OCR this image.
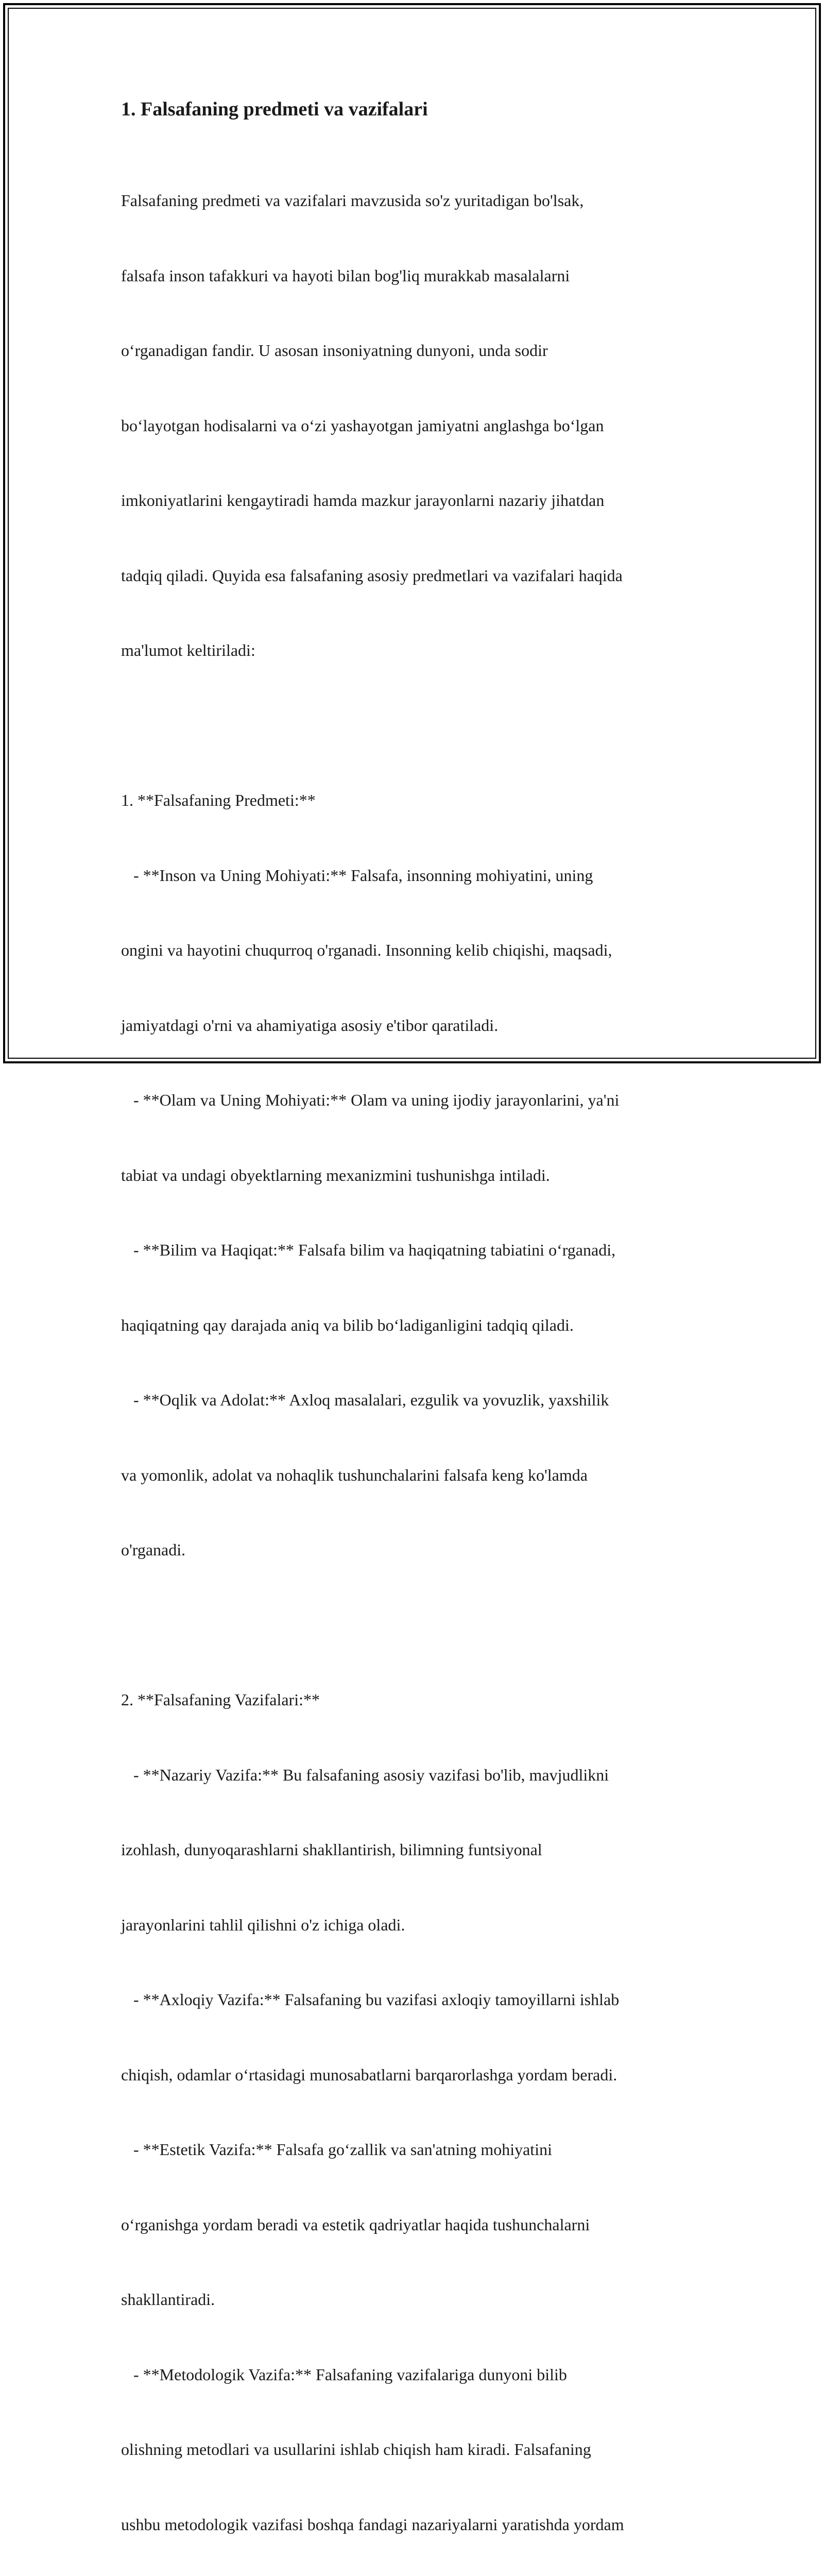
1. Falsafaning predmeti va vazifalari

Falsafaning predmeti va vazifalari mavzusida so'z yuritadigan bo'lsak,

falsafa inson tafakkuri va hayoti bilan bog'liq murakkab masalalarni

o‘rganadigan fandir. U asosan insoniyatning dunyoni, unda sodir

bo‘layotgan hodisalarni va o‘zi yashayotgan jamiyatni anglashga bo‘lgan

imkoniyatlarini kengaytiradi hamda mazkur jarayonlarni nazariy jihatdan

tadqiq qiladi. Quyida esa falsafaning asosiy predmetlari va vazifalari haqida

ma'lumot keltiriladi:

1. **Falsafaning Predmeti:**

- **Inson va Uning Mohiyati:** Falsafa, insonning mohiyatini, uning

ongini va hayotini chuqurroq o'rganadi. Insonning kelib chiqishi, maqsadi,

jamiyatdagi o'rni va ahamiyatiga asosiy e'tibor qaratiladi.

- **Olam va Uning Mohiyati:** Olam va uning ijodiy jarayonlarini, ya'ni

tabiat va undagi obyektlarning mexanizmini tushunishga intiladi.

- **Bilim va Haqiqat:** Falsafa bilim va haqiqatning tabiatini o‘rganadi,

haqiqatning qay darajada aniq va bilib bo‘ladiganligini tadqiq qiladi.

- **Oqlik va Adolat:** Axloq masalalari, ezgulik va yovuzlik, yaxshilik

va yomonlik, adolat va nohaqlik tushunchalarini falsafa keng ko'lamda

o'rganadi.

2. **Falsafaning Vazifalari:**

- **Nazariy Vazifa:** Bu falsafaning asosiy vazifasi bo'lib, mavjudlikni

izohlash, dunyoqarashlarni shakllantirish, bilimning funtsiyonal

jarayonlarini tahlil qilishni o'z ichiga oladi.

- **Axloqiy Vazifa:** Falsafaning bu vazifasi axloqiy tamoyillarni ishlab

chiqish, odamlar o‘rtasidagi munosabatlarni barqarorlashga yordam beradi.

- **Estetik Vazifa:** Falsafa go‘zallik va san'atning mohiyatini

o‘rganishga yordam beradi va estetik qadriyatlar haqida tushunchalarni

shakllantiradi.

- **Metodologik Vazifa:** Falsafaning vazifalariga dunyoni bilib

olishning metodlari va usullarini ishlab chiqish ham kiradi. Falsafaning

ushbu metodologik vazifasi boshqa fandagi nazariyalarni yaratishda yordam
